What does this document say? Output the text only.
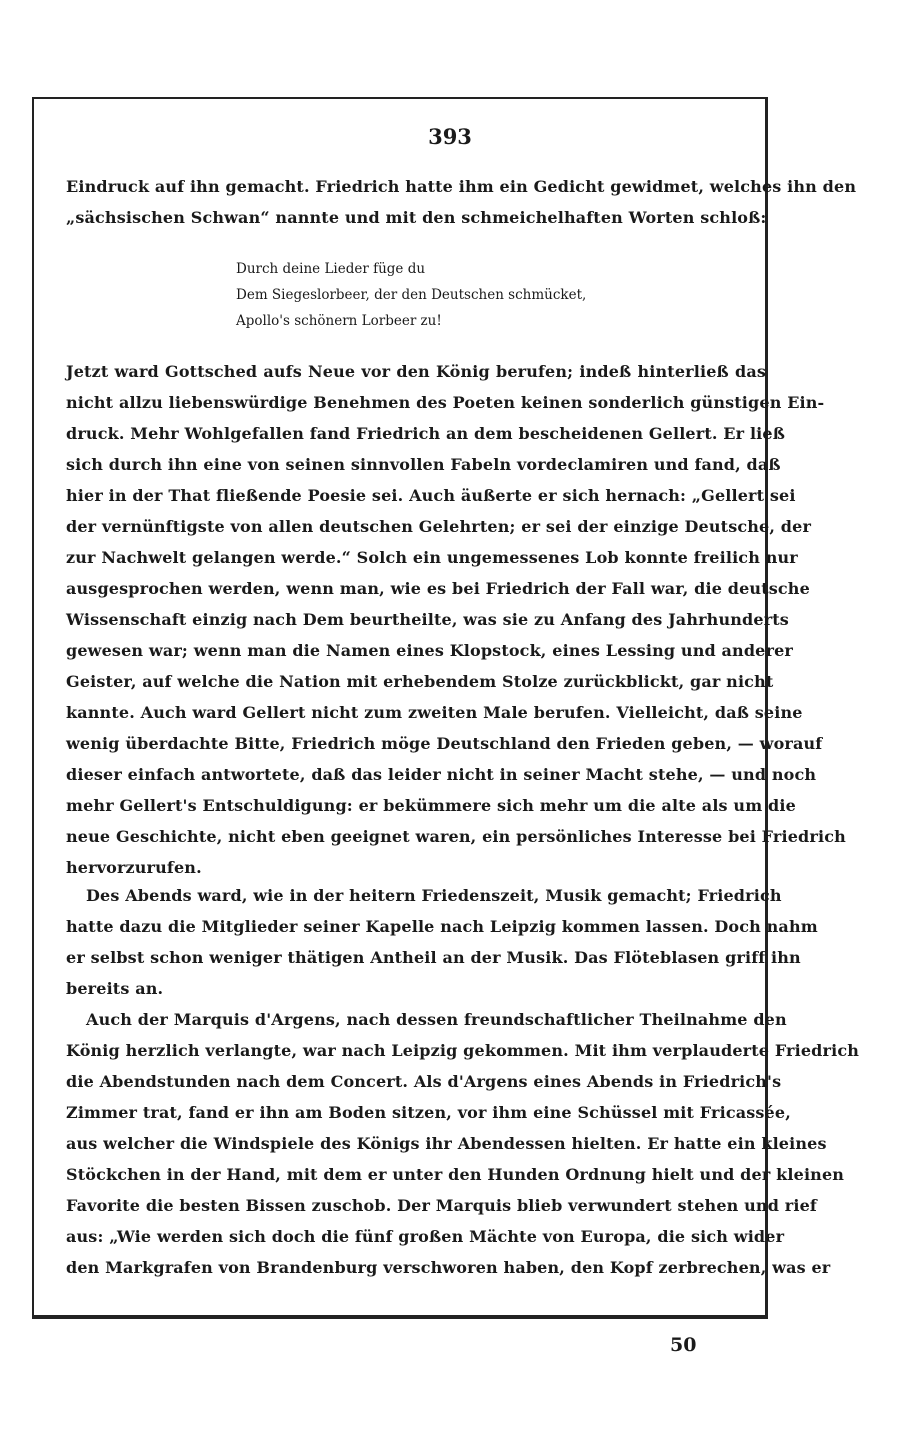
393
Eindruck auf ihn gemacht. Friedrich hatte ihm ein Gedicht gewidmet, welches ihn den
„sächsischen Schwan“ nannte und mit den schmeichelhaften Worten schloß:
Durch deine Lieder füge du
Dem Siegeslorbeer, der den Deutschen schmücket,
Apollo's schönern Lorbeer zu!
Jetzt ward Gottsched aufs Neue vor den König berufen; indeß hinterließ das
nicht allzu liebenswürdige Benehmen des Poeten keinen sonderlich günstigen Ein-
druck. Mehr Wohlgefallen fand Friedrich an dem bescheidenen Gellert. Er ließ
sich durch ihn eine von seinen sinnvollen Fabeln vordeclamiren und fand, daß
hier in der That fließende Poesie sei. Auch äußerte er sich hernach: „Gellert sei
der vernünftigste von allen deutschen Gelehrten; er sei der einzige Deutsche, der
zur Nachwelt gelangen werde.“ Solch ein ungemessenes Lob konnte freilich nur
ausgesprochen werden, wenn man, wie es bei Friedrich der Fall war, die deutsche
Wissenschaft einzig nach Dem beurtheilte, was sie zu Anfang des Jahrhunderts
gewesen war; wenn man die Namen eines Klopstock, eines Lessing und anderer
Geister, auf welche die Nation mit erhebendem Stolze zurückblickt, gar nicht
kannte. Auch ward Gellert nicht zum zweiten Male berufen. Vielleicht, daß seine
wenig überdachte Bitte, Friedrich möge Deutschland den Frieden geben, — worauf
dieser einfach antwortete, daß das leider nicht in seiner Macht stehe, — und noch
mehr Gellert's Entschuldigung: er bekümmere sich mehr um die alte als um die
neue Geschichte, nicht eben geeignet waren, ein persönliches Interesse bei Friedrich
hervorzurufen.
Des Abends ward, wie in der heitern Friedenszeit, Musik gemacht; Friedrich
hatte dazu die Mitglieder seiner Kapelle nach Leipzig kommen lassen. Doch nahm
er selbst schon weniger thätigen Antheil an der Musik. Das Flöteblasen griff ihn
bereits an.
Auch der Marquis d'Argens, nach dessen freundschaftlicher Theilnahme den
König herzlich verlangte, war nach Leipzig gekommen. Mit ihm verplauderte Friedrich
die Abendstunden nach dem Concert. Als d'Argens eines Abends in Friedrich's
Zimmer trat, fand er ihn am Boden sitzen, vor ihm eine Schüssel mit Fricassée,
aus welcher die Windspiele des Königs ihr Abendessen hielten. Er hatte ein kleines
Stöckchen in der Hand, mit dem er unter den Hunden Ordnung hielt und der kleinen
Favorite die besten Bissen zuschob. Der Marquis blieb verwundert stehen und rief
aus: „Wie werden sich doch die fünf großen Mächte von Europa, die sich wider
den Markgrafen von Brandenburg verschworen haben, den Kopf zerbrechen, was er
50
